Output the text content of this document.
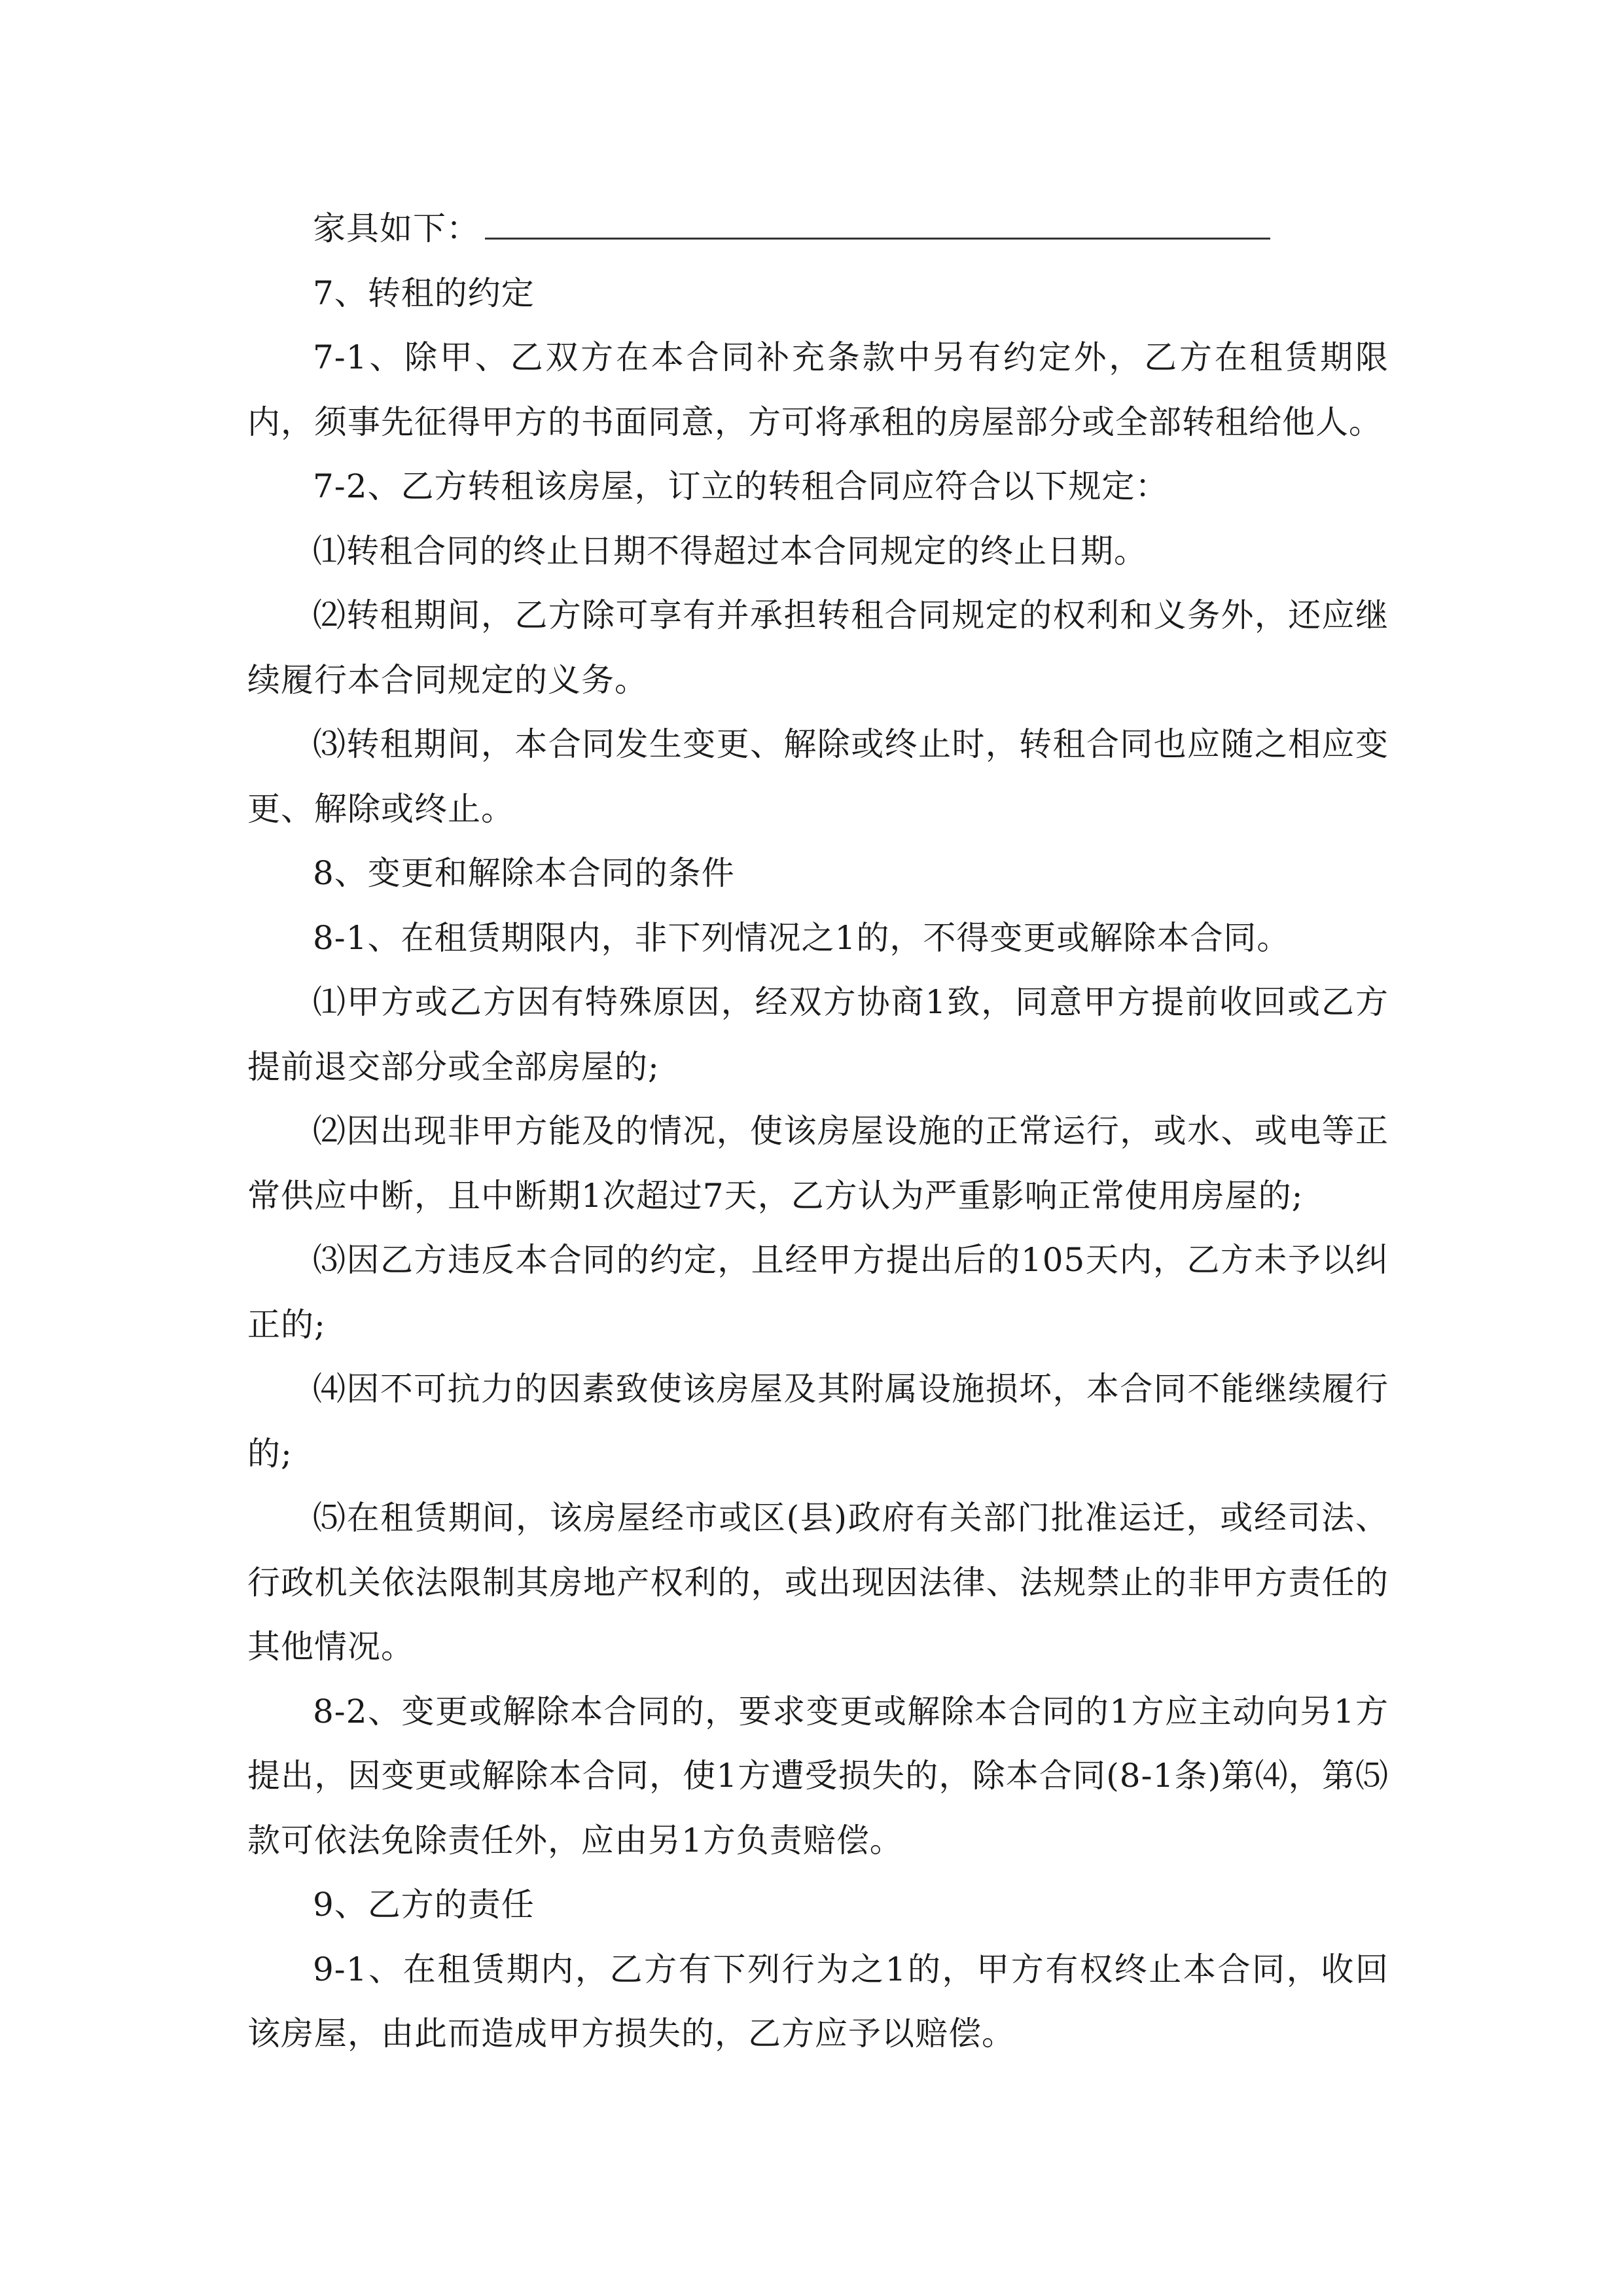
家具如下：

7、转租的约定

7-1、除甲、乙双方在本合同补充条款中另有约定外，乙方在租赁期限内，须事先征得甲方的书面同意，方可将承租的房屋部分或全部转租给他人。

7-2、乙方转租该房屋，订立的转租合同应符合以下规定：

⑴转租合同的终止日期不得超过本合同规定的终止日期。

⑵转租期间，乙方除可享有并承担转租合同规定的权利和义务外，还应继续履行本合同规定的义务。

⑶转租期间，本合同发生变更、解除或终止时，转租合同也应随之相应变更、解除或终止。

8、变更和解除本合同的条件

8-1、在租赁期限内，非下列情况之1的，不得变更或解除本合同。

⑴甲方或乙方因有特殊原因，经双方协商1致，同意甲方提前收回或乙方提前退交部分或全部房屋的;

⑵因出现非甲方能及的情况，使该房屋设施的正常运行，或水、或电等正常供应中断，且中断期1次超过7天，乙方认为严重影响正常使用房屋的;

⑶因乙方违反本合同的约定，且经甲方提出后的105天内，乙方未予以纠正的;

⑷因不可抗力的因素致使该房屋及其附属设施损坏，本合同不能继续履行的;

⑸在租赁期间，该房屋经市或区(县)政府有关部门批准运迁，或经司法、行政机关依法限制其房地产权利的，或出现因法律、法规禁止的非甲方责任的其他情况。

8-2、变更或解除本合同的，要求变更或解除本合同的1方应主动向另1方提出，因变更或解除本合同，使1方遭受损失的，除本合同(8-1条)第⑷，第⑸款可依法免除责任外，应由另1方负责赔偿。

9、乙方的责任

9-1、在租赁期内，乙方有下列行为之1的，甲方有权终止本合同，收回该房屋，由此而造成甲方损失的，乙方应予以赔偿。
